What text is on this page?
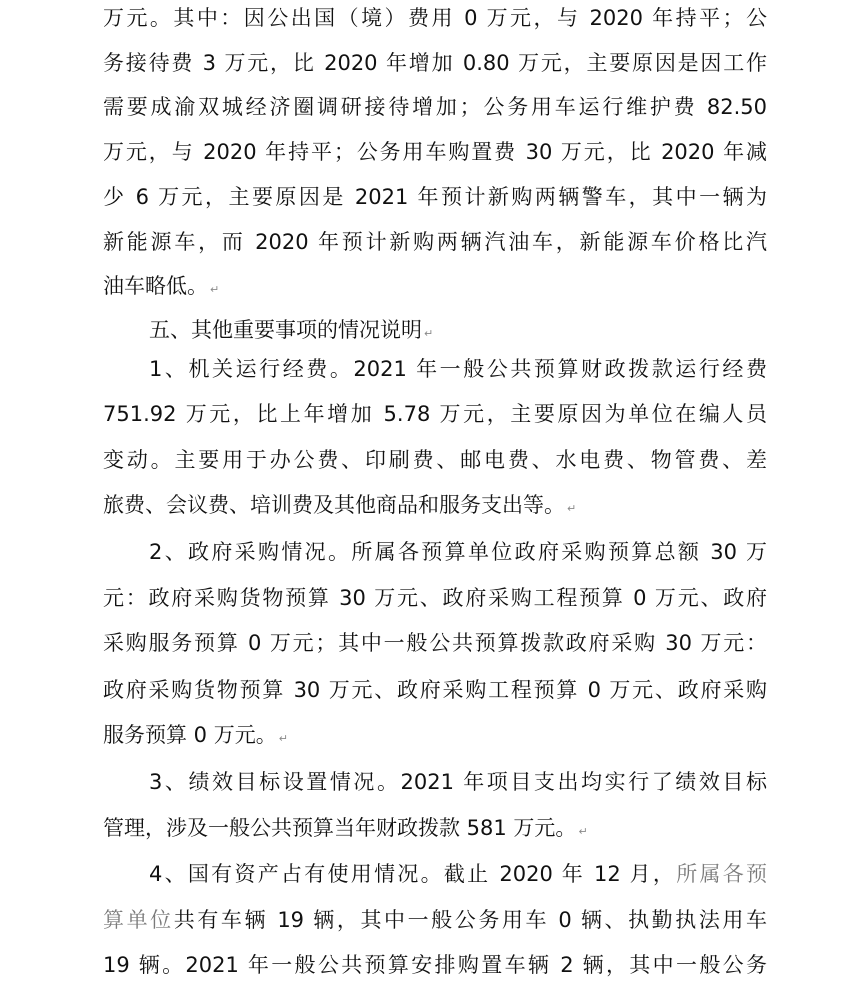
万元。其中：因公出国（境）费用 0 万元，与 2020 年持平；公
务接待费 3 万元，比 2020 年增加 0.80 万元，主要原因是因工作
需要成渝双城经济圈调研接待增加；公务用车运行维护费 82.50
万元，与 2020 年持平；公务用车购置费 30 万元，比 2020 年减
少 6 万元，主要原因是 2021 年预计新购两辆警车，其中一辆为
新能源车，而 2020 年预计新购两辆汽油车，新能源车价格比汽
油车略低。 ↵
五、其他重要事项的情况说明 ↵
1、机关运行经费。2021 年一般公共预算财政拨款运行经费
751.92 万元，比上年增加 5.78 万元，主要原因为单位在编人员
变动。主要用于办公费、印刷费、邮电费、水电费、物管费、差
旅费、会议费、培训费及其他商品和服务支出等。 ↵
2、政府采购情况。所属各预算单位政府采购预算总额 30 万
元：政府采购货物预算 30 万元、政府采购工程预算 0 万元、政府
采购服务预算 0 万元；其中一般公共预算拨款政府采购 30 万元：
政府采购货物预算 30 万元、政府采购工程预算 0 万元、政府采购
服务预算 0 万元。 ↵
3、绩效目标设置情况。2021 年项目支出均实行了绩效目标
管理，涉及一般公共预算当年财政拨款 581 万元。 ↵
4、国有资产占有使用情况。截止 2020 年 12 月，所属各预
算单位共有车辆 19 辆，其中一般公务用车 0 辆、执勤执法用车
19 辆。2021 年一般公共预算安排购置车辆 2 辆，其中一般公务
